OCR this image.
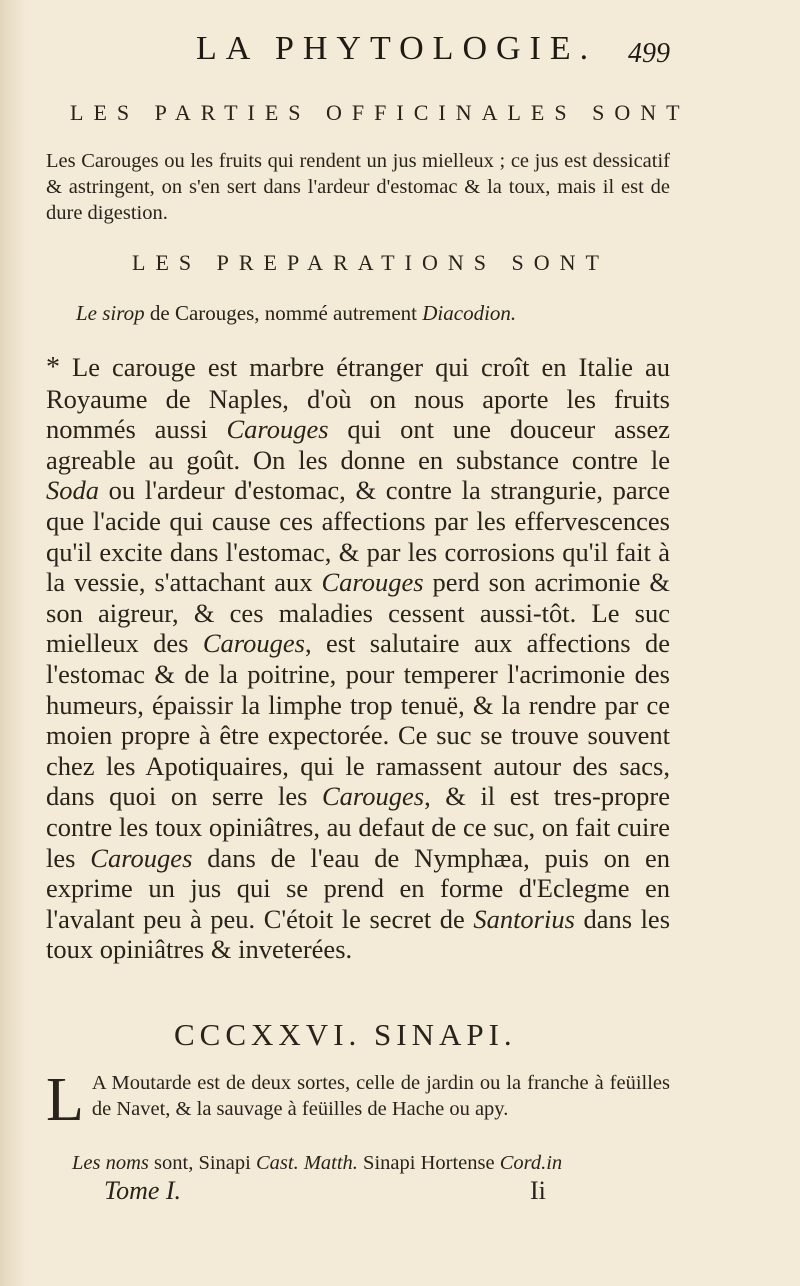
LA PHYTOLOGIE. 499
LES PARTIES OFFICINALES SONT

Les Carouges ou les fruits qui rendent un jus mielleux ; ce jus est dessicatif & astringent, on s'en sert dans l'ardeur d'estomac & la toux, mais il est de dure digestion.

LES PREPARATIONS SONT

Le sirop de Carouges, nommé autrement Diacodion.

* Le carouge est marbre étranger qui croît en Italie au Royaume de Naples, d'où on nous aporte les fruits nommés aussi Carouges qui ont une douceur assez agreable au goût. On les donne en substance contre le Soda ou l'ardeur d'estomac, & contre la strangurie, parce que l'acide qui cause ces affections par les effervescences qu'il excite dans l'estomac, & par les corrosions qu'il fait à la vessie, s'attachant aux Carouges perd son acrimonie & son aigreur, & ces maladies cessent aussi-tôt. Le suc mielleux des Carouges, est salutaire aux affections de l'estomac & de la poitrine, pour temperer l'acrimonie des humeurs, épaissir la limphe trop tenuë, & la rendre par ce moien propre à être expectorée. Ce suc se trouve souvent chez les Apotiquaires, qui le ramassent autour des sacs, dans quoi on serre les Carouges, & il est tres-propre contre les toux opiniâtres, au defaut de ce suc, on fait cuire les Carouges dans de l'eau de Nymphæa, puis on en exprime un jus qui se prend en forme d'Eclegme en l'avalant peu à peu. C'étoit le secret de Santorius dans les toux opiniâtres & inveterées.
CCCXXVI. SINAPI.
L A Moutarde est de deux sortes, celle de jardin ou la franche à feüilles de Navet, & la sauvage à feüilles de Hache ou apy.
Les noms sont, Sinapi Cast. Matth. Sinapi Hortense Cord.in
Tome I.	Ii
